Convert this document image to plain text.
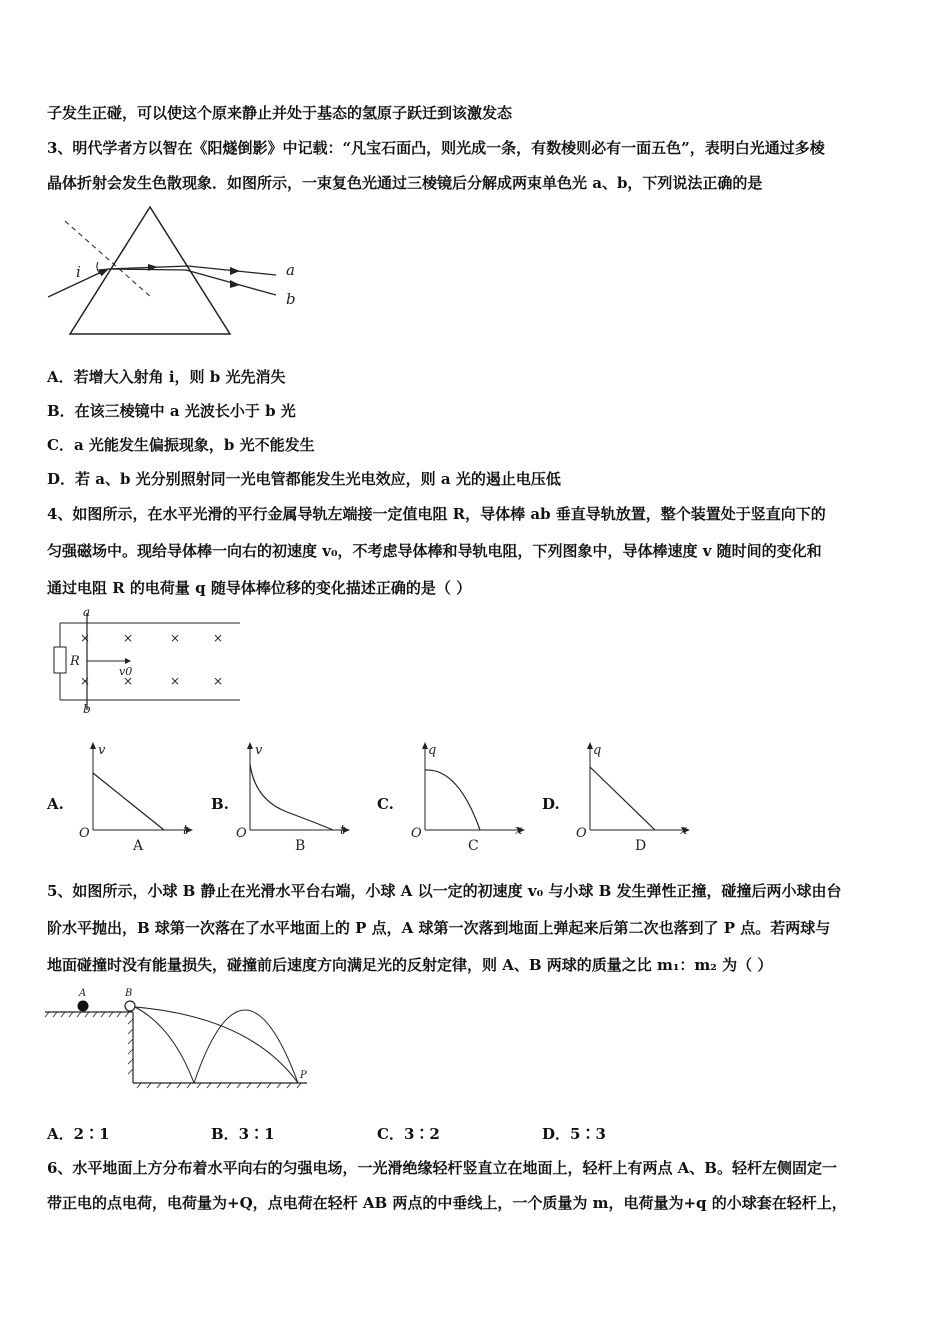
子发生正碰，可以使这个原来静止并处于基态的氢原子跃迁到该激发态
3、明代学者方以智在《阳燧倒影》中记载：“凡宝石面凸，则光成一条，有数棱则必有一面五色”，表明白光通过多棱
晶体折射会发生色散现象．如图所示，一束复色光通过三棱镜后分解成两束单色光 a、b，下列说法正确的是
i	a
b
A．若增大入射角 i，则 b 光先消失
B．在该三棱镜中 a 光波长小于 b 光
C．a 光能发生偏振现象，b 光不能发生
D．若 a、b 光分别照射同一光电管都能发生光电效应，则 a 光的遏止电压低
4、如图所示，在水平光滑的平行金属导轨左端接一定值电阻 R，导体棒 ab 垂直导轨放置，整个装置处于竖直向下的
匀强磁场中。现给导体棒一向右的初速度 v₀，不考虑导体棒和导轨电阻，下列图象中，导体棒速度 v 随时间的变化和
通过电阻 R 的电荷量 q 随导体棒位移的变化描述正确的是（ ）
R
a
b
v0
×	×	×	×
×	×	×	×
A.
v
t
O
A
B.
v
t
O
B
C.
q
x
O
C
D.
q
x
O
D
5、如图所示，小球 B 静止在光滑水平台右端，小球 A 以一定的初速度 v₀ 与小球 B 发生弹性正撞，碰撞后两小球由台
阶水平抛出，B 球第一次落在了水平地面上的 P 点，A 球第一次落到地面上弹起来后第二次也落到了 P 点。若两球与
地面碰撞时没有能量损失，碰撞前后速度方向满足光的反射定律，则 A、B 两球的质量之比 m₁：m₂ 为（ ）
A	B
P
A．2∶1	B．3∶1	C．3∶2	D．5∶3
6、水平地面上方分布着水平向右的匀强电场，一光滑绝缘轻杆竖直立在地面上，轻杆上有两点 A、B。轻杆左侧固定一
带正电的点电荷，电荷量为+Q，点电荷在轻杆 AB 两点的中垂线上，一个质量为 m，电荷量为+q 的小球套在轻杆上，
